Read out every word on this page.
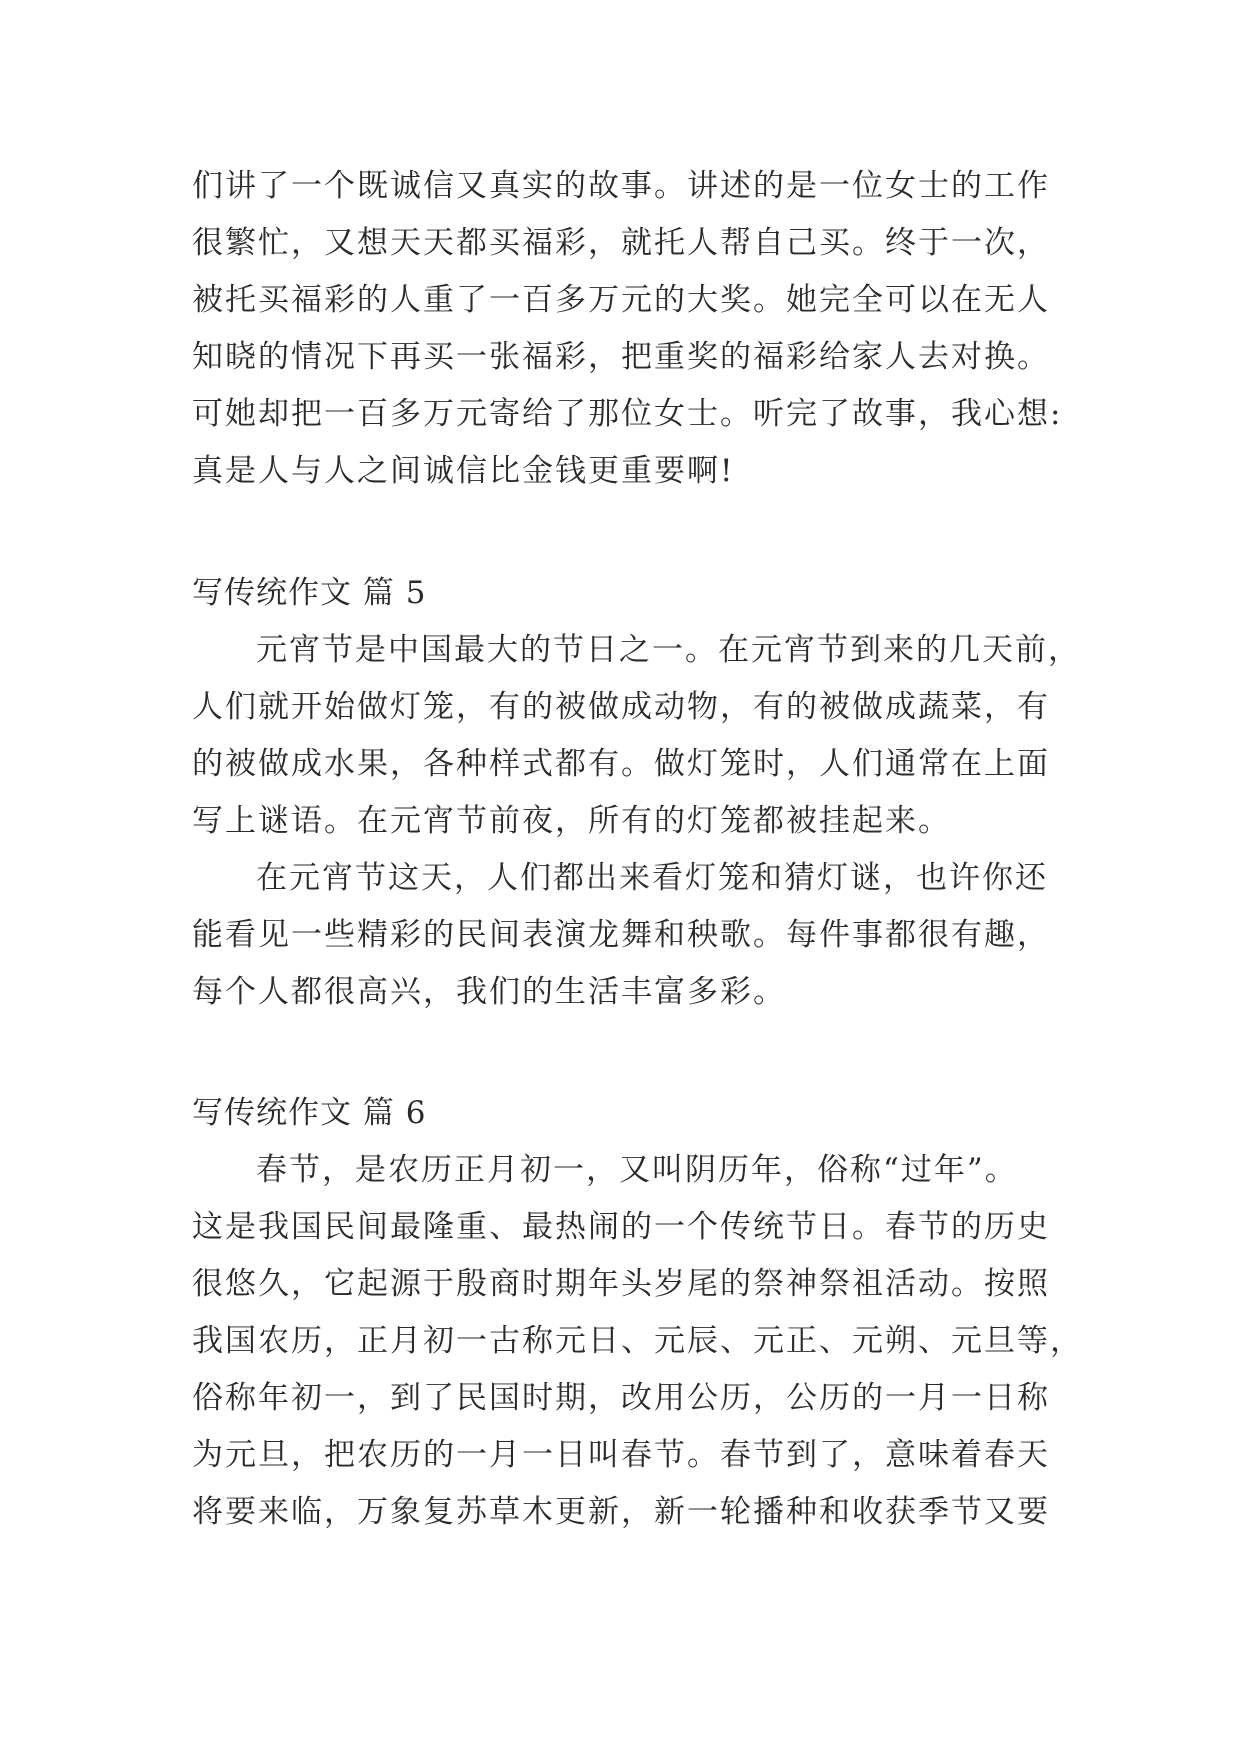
们讲了一个既诚信又真实的故事。讲述的是一位女士的工作
很繁忙，又想天天都买福彩，就托人帮自己买。终于一次，
被托买福彩的人重了一百多万元的大奖。她完全可以在无人
知晓的情况下再买一张福彩，把重奖的福彩给家人去对换。
可她却把一百多万元寄给了那位女士。听完了故事，我心想:
真是人与人之间诚信比金钱更重要啊!
写传统作文 篇 5
元宵节是中国最大的节日之一。在元宵节到来的几天前，
人们就开始做灯笼，有的被做成动物，有的被做成蔬菜，有
的被做成水果，各种样式都有。做灯笼时，人们通常在上面
写上谜语。在元宵节前夜，所有的灯笼都被挂起来。
在元宵节这天，人们都出来看灯笼和猜灯谜，也许你还
能看见一些精彩的民间表演龙舞和秧歌。每件事都很有趣，
每个人都很高兴，我们的生活丰富多彩。
写传统作文 篇 6
春节，是农历正月初一，又叫阴历年，俗称“过年”。
这是我国民间最隆重、最热闹的一个传统节日。春节的历史
很悠久，它起源于殷商时期年头岁尾的祭神祭祖活动。按照
我国农历，正月初一古称元日、元辰、元正、元朔、元旦等，
俗称年初一，到了民国时期，改用公历，公历的一月一日称
为元旦，把农历的一月一日叫春节。春节到了，意味着春天
将要来临，万象复苏草木更新，新一轮播种和收获季节又要
